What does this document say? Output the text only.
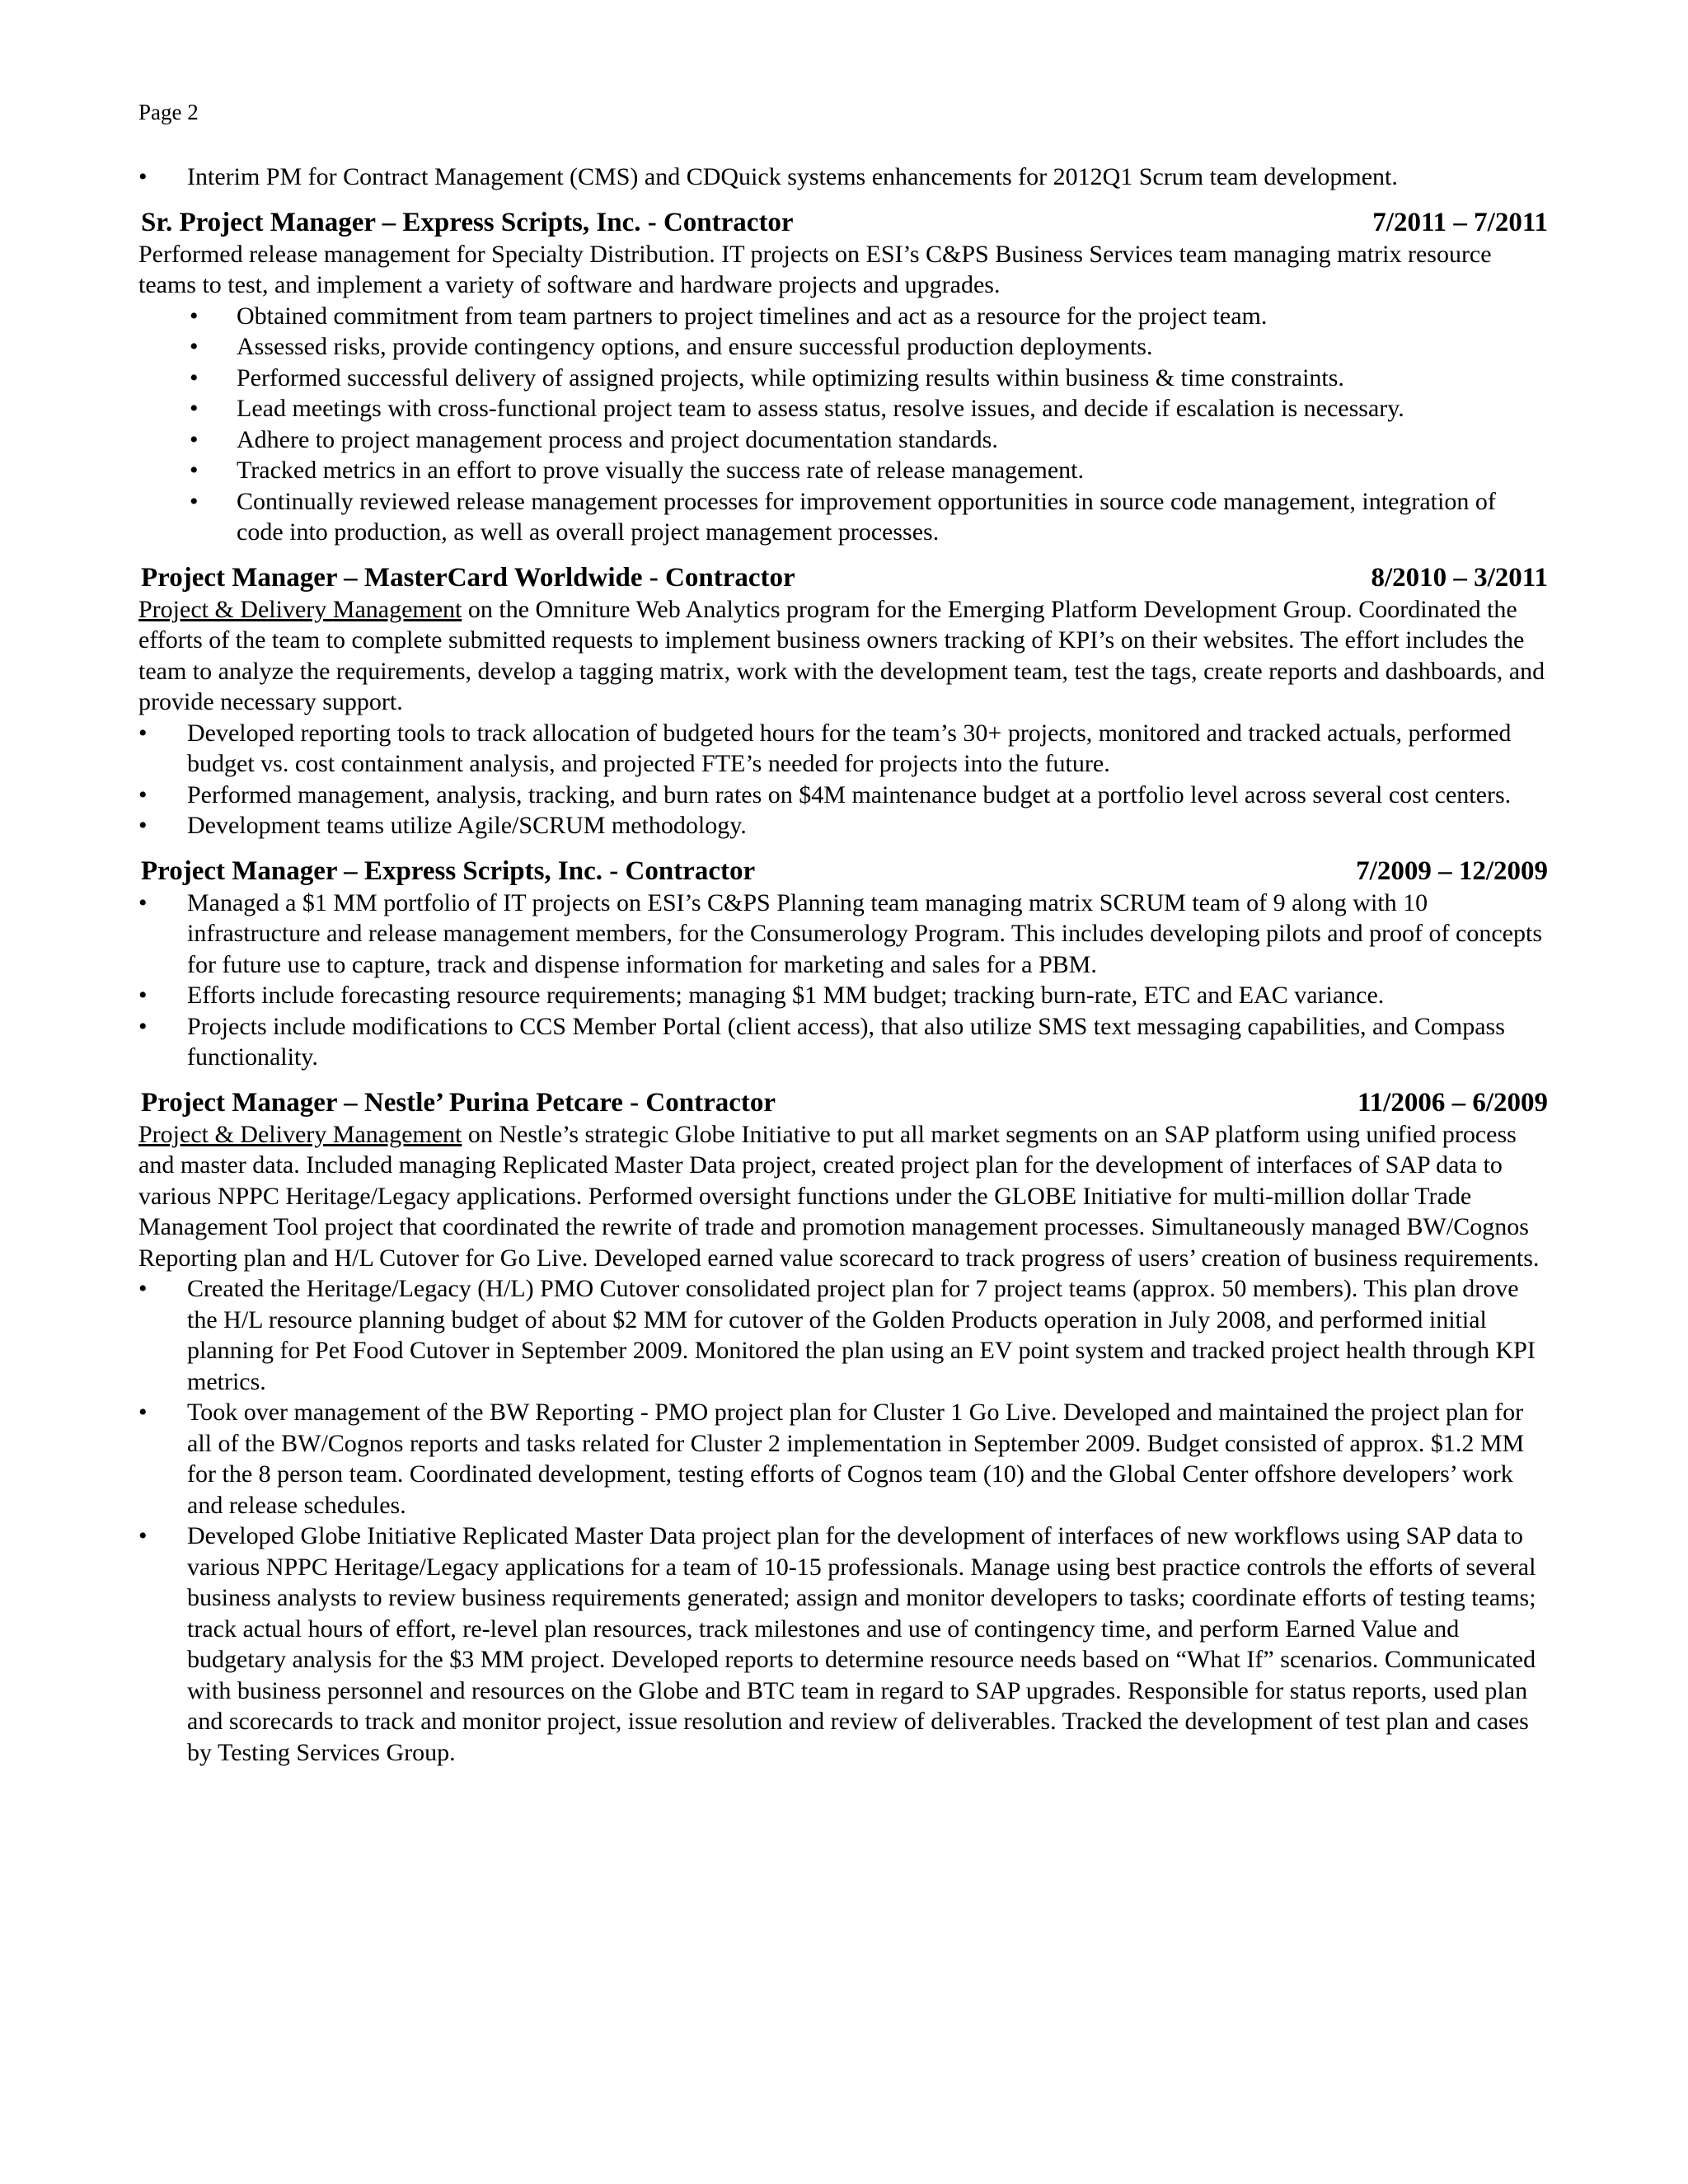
Page 2
•
Interim PM for Contract Management (CMS) and CDQuick systems enhancements for 2012Q1 Scrum team development.
Sr. Project Manager – Express Scripts, Inc. - Contractor	7/2011 – 7/2011

Performed release management for Specialty Distribution. IT projects on ESI’s C&PS Business Services team managing matrix resource teams to test, and implement a variety of software and hardware projects and upgrades.

•
Obtained commitment from team partners to project timelines and act as a resource for the project team.
•
Assessed risks, provide contingency options, and ensure successful production deployments.
•
Performed successful delivery of assigned projects, while optimizing results within business & time constraints.
•
Lead meetings with cross-functional project team to assess status, resolve issues, and decide if escalation is necessary.
•
Adhere to project management process and project documentation standards.
•
Tracked metrics in an effort to prove visually the success rate of release management.
•
Continually reviewed release management processes for improvement opportunities in source code management, integration of code into production, as well as overall project management processes.
Project Manager – MasterCard Worldwide - Contractor	8/2010 – 3/2011

Project & Delivery Management on the Omniture Web Analytics program for the Emerging Platform Development Group. Coordinated the efforts of the team to complete submitted requests to implement business owners tracking of KPI’s on their websites. The effort includes the team to analyze the requirements, develop a tagging matrix, work with the development team, test the tags, create reports and dashboards, and provide necessary support.

•
Developed reporting tools to track allocation of budgeted hours for the team’s 30+ projects, monitored and tracked actuals, performed budget vs. cost containment analysis, and projected FTE’s needed for projects into the future.
•
Performed management, analysis, tracking, and burn rates on $4M maintenance budget at a portfolio level across several cost centers.
•
Development teams utilize Agile/SCRUM methodology.
Project Manager – Express Scripts, Inc. - Contractor	7/2009 – 12/2009
•
Managed a $1 MM portfolio of IT projects on ESI’s C&PS Planning team managing matrix SCRUM team of 9 along with 10 infrastructure and release management members, for the Consumerology Program. This includes developing pilots and proof of concepts for future use to capture, track and dispense information for marketing and sales for a PBM.
•
Efforts include forecasting resource requirements; managing $1 MM budget; tracking burn-rate, ETC and EAC variance.
•
Projects include modifications to CCS Member Portal (client access), that also utilize SMS text messaging capabilities, and Compass functionality.
Project Manager – Nestle’ Purina Petcare - Contractor	11/2006 – 6/2009

Project & Delivery Management on Nestle’s strategic Globe Initiative to put all market segments on an SAP platform using unified process and master data. Included managing Replicated Master Data project, created project plan for the development of interfaces of SAP data to various NPPC Heritage/Legacy applications. Performed oversight functions under the GLOBE Initiative for multi-million dollar Trade Management Tool project that coordinated the rewrite of trade and promotion management processes. Simultaneously managed BW/Cognos Reporting plan and H/L Cutover for Go Live. Developed earned value scorecard to track progress of users’ creation of business requirements.

•
Created the Heritage/Legacy (H/L) PMO Cutover consolidated project plan for 7 project teams (approx. 50 members). This plan drove the H/L resource planning budget of about $2 MM for cutover of the Golden Products operation in July 2008, and performed initial planning for Pet Food Cutover in September 2009. Monitored the plan using an EV point system and tracked project health through KPI metrics.
•
Took over management of the BW Reporting - PMO project plan for Cluster 1 Go Live. Developed and maintained the project plan for all of the BW/Cognos reports and tasks related for Cluster 2 implementation in September 2009. Budget consisted of approx. $1.2 MM for the 8 person team. Coordinated development, testing efforts of Cognos team (10) and the Global Center offshore developers’ work and release schedules.
•
Developed Globe Initiative Replicated Master Data project plan for the development of interfaces of new workflows using SAP data to various NPPC Heritage/Legacy applications for a team of 10-15 professionals. Manage using best practice controls the efforts of several business analysts to review business requirements generated; assign and monitor developers to tasks; coordinate efforts of testing teams; track actual hours of effort, re-level plan resources, track milestones and use of contingency time, and perform Earned Value and budgetary analysis for the $3 MM project. Developed reports to determine resource needs based on “What If” scenarios. Communicated with business personnel and resources on the Globe and BTC team in regard to SAP upgrades. Responsible for status reports, used plan and scorecards to track and monitor project, issue resolution and review of deliverables. Tracked the development of test plan and cases by Testing Services Group.
